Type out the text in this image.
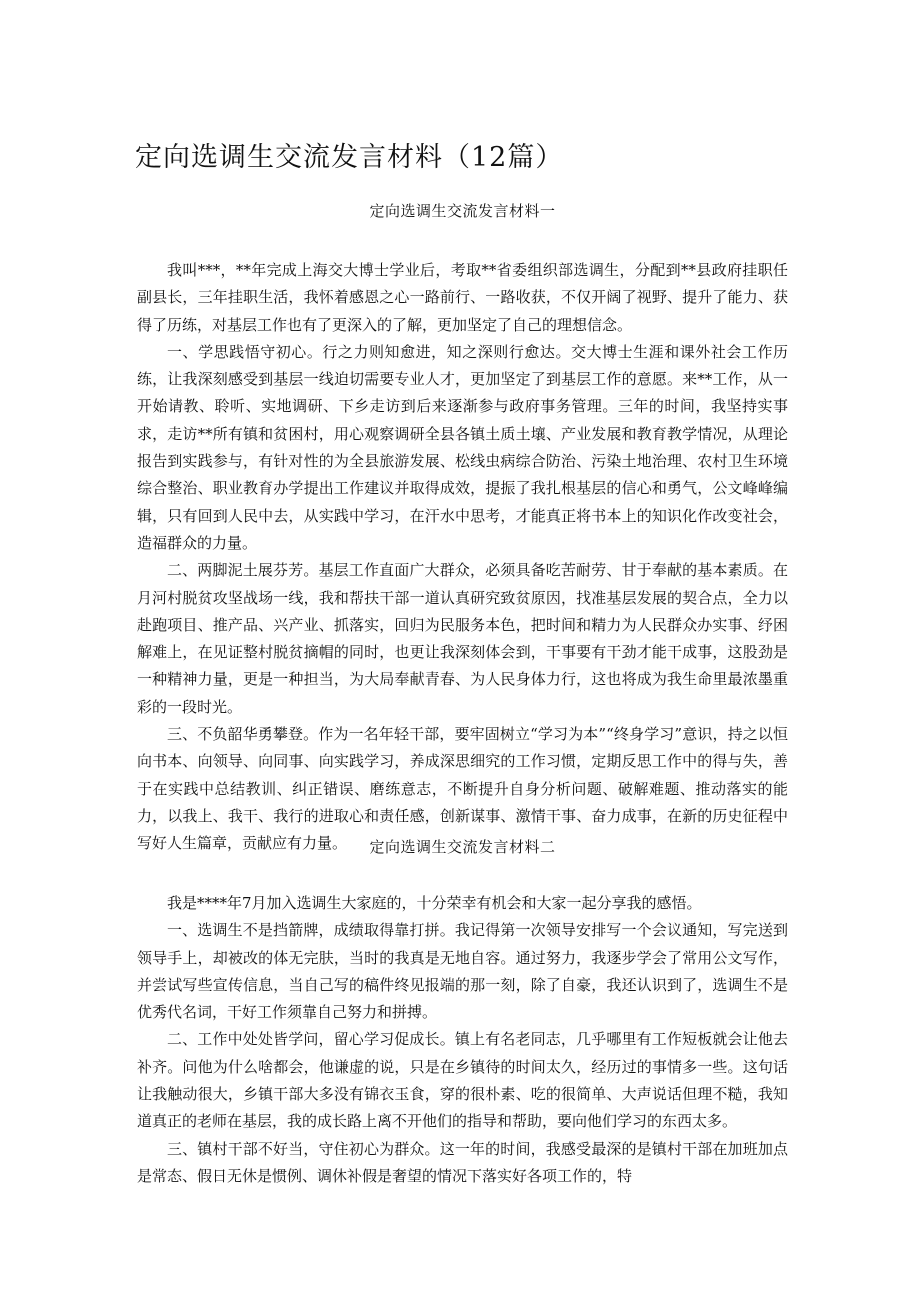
定向选调生交流发言材料（12篇）

定向选调生交流发言材料一

我叫***，**年完成上海交大博士学业后，考取**省委组织部选调生，分配到**县政府挂职任副县长，三年挂职生活，我怀着感恩之心一路前行、一路收获，不仅开阔了视野、提升了能力、获得了历练，对基层工作也有了更深入的了解，更加坚定了自己的理想信念。

一、学思践悟守初心。行之力则知愈进，知之深则行愈达。交大博士生涯和课外社会工作历练，让我深刻感受到基层一线迫切需要专业人才，更加坚定了到基层工作的意愿。来**工作，从一开始请教、聆听、实地调研、下乡走访到后来逐渐参与政府事务管理。三年的时间，我坚持实事求，走访**所有镇和贫困村，用心观察调研全县各镇土质土壤、产业发展和教育教学情况，从理论报告到实践参与，有针对性的为全县旅游发展、松线虫病综合防治、污染土地治理、农村卫生环境综合整治、职业教育办学提出工作建议并取得成效，提振了我扎根基层的信心和勇气，公文峰峰编辑，只有回到人民中去，从实践中学习，在汗水中思考，才能真正将书本上的知识化作改变社会，造福群众的力量。

二、两脚泥土展芬芳。基层工作直面广大群众，必须具备吃苦耐劳、甘于奉献的基本素质。在月河村脱贫攻坚战场一线，我和帮扶干部一道认真研究致贫原因，找准基层发展的契合点，全力以赴跑项目、推产品、兴产业、抓落实，回归为民服务本色，把时间和精力为人民群众办实事、纾困解难上，在见证整村脱贫摘帽的同时，也更让我深刻体会到，干事要有干劲才能干成事，这股劲是一种精神力量，更是一种担当，为大局奉献青春、为人民身体力行，这也将成为我生命里最浓墨重彩的一段时光。

三、不负韶华勇攀登。作为一名年轻干部，要牢固树立“学习为本”“终身学习”意识，持之以恒向书本、向领导、向同事、向实践学习，养成深思细究的工作习惯，定期反思工作中的得与失，善于在实践中总结教训、纠正错误、磨练意志，不断提升自身分析问题、破解难题、推动落实的能力，以我上、我干、我行的进取心和责任感，创新谋事、激情干事、奋力成事，在新的历史征程中写好人生篇章，贡献应有力量。	定向选调生交流发言材料二

我是****年7月加入选调生大家庭的，十分荣幸有机会和大家一起分享我的感悟。

一、选调生不是挡箭牌，成绩取得靠打拼。我记得第一次领导安排写一个会议通知，写完送到领导手上，却被改的体无完肤，当时的我真是无地自容。通过努力，我逐步学会了常用公文写作，并尝试写些宣传信息，当自己写的稿件终见报端的那一刻，除了自豪，我还认识到了，选调生不是优秀代名词，干好工作须靠自己努力和拼搏。

二、工作中处处皆学问，留心学习促成长。镇上有名老同志，几乎哪里有工作短板就会让他去补齐。问他为什么啥都会，他谦虚的说，只是在乡镇待的时间太久，经历过的事情多一些。这句话让我触动很大，乡镇干部大多没有锦衣玉食，穿的很朴素、吃的很简单、大声说话但理不糙，我知道真正的老师在基层，我的成长路上离不开他们的指导和帮助，要向他们学习的东西太多。

三、镇村干部不好当，守住初心为群众。这一年的时间，我感受最深的是镇村干部在加班加点是常态、假日无休是惯例、调休补假是奢望的情况下落实好各项工作的，特
